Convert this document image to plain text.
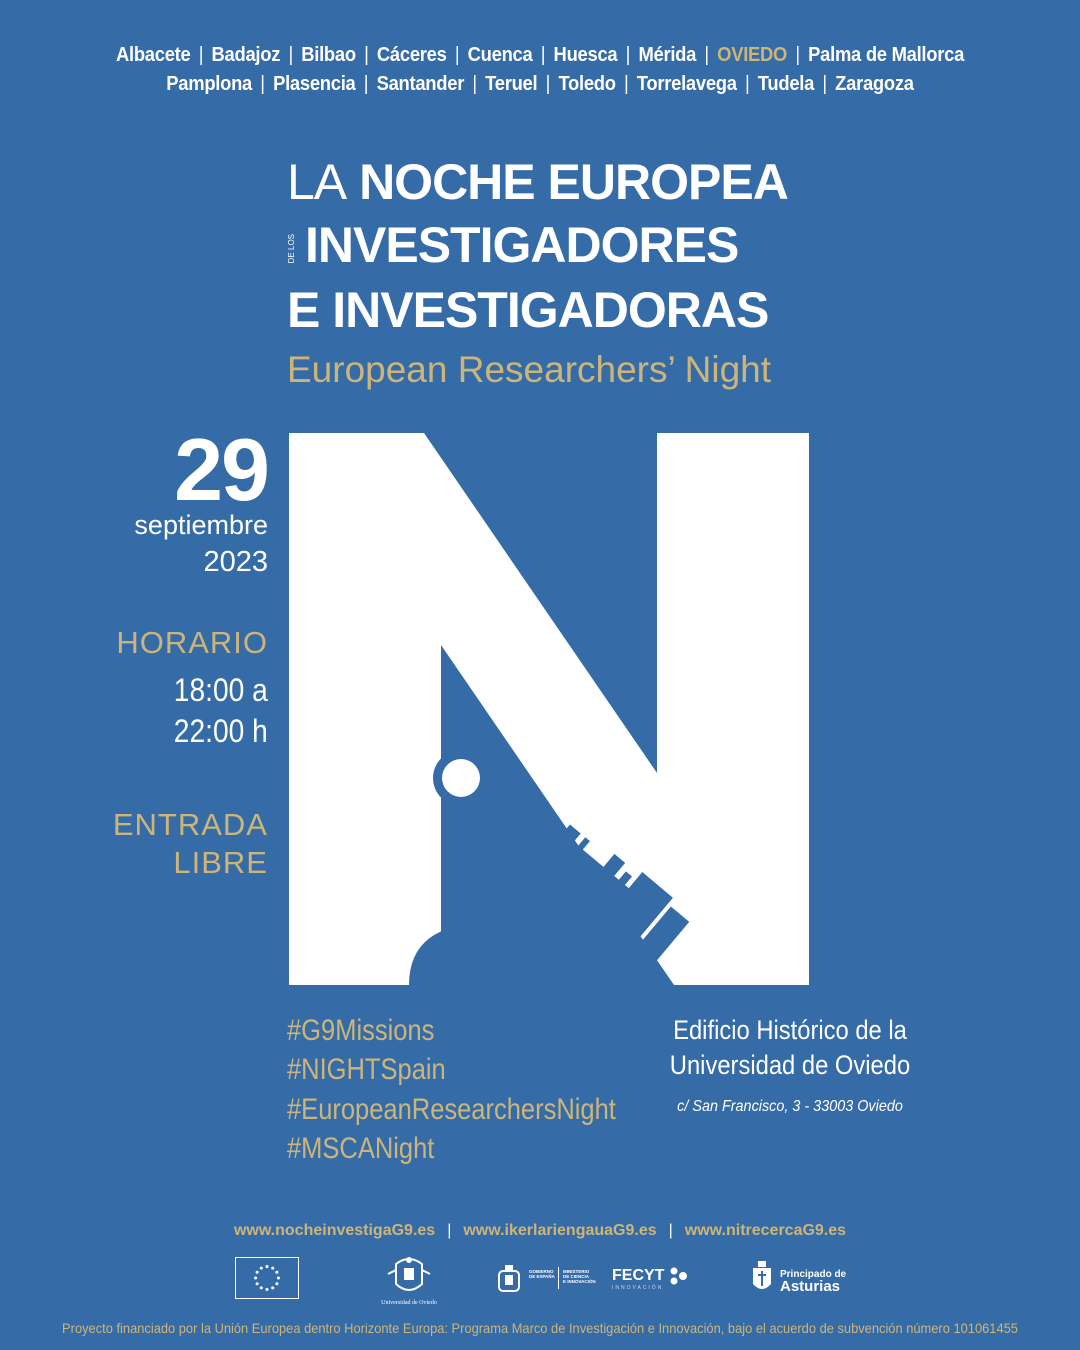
Albacete | Badajoz | Bilbao | Cáceres | Cuenca | Huesca | Mérida | OVIEDO | Palma de Mallorca
Pamplona | Plasencia | Santander | Teruel | Toledo | Torrelavega | Tudela | Zaragoza
LA NOCHE EUROPEA
DE LOS INVESTIGADORES
E INVESTIGADORAS
European Researchers’ Night
29
septiembre
2023
HORARIO
18:00 a
22:00 h
ENTRADA
LIBRE
#G9Missions
#NIGHTSpain
#EuropeanResearchersNight
#MSCANight
Edificio Histórico de la
Universidad de Oviedo
c/ San Francisco, 3 - 33003 Oviedo
www.nocheinvestigaG9.es | www.ikerlariengauaG9.es | www.nitrecercaG9.es
Universidad de Oviedo
GOBIERNO
DE ESPAÑA
MINISTERIO
DE CIENCIA
E INNOVACIÓN FECYT
INNOVACIÓN
Principado de
Asturias
Proyecto financiado por la Unión Europea dentro Horizonte Europa: Programa Marco de Investigación e Innovación, bajo el acuerdo de subvención número 101061455
